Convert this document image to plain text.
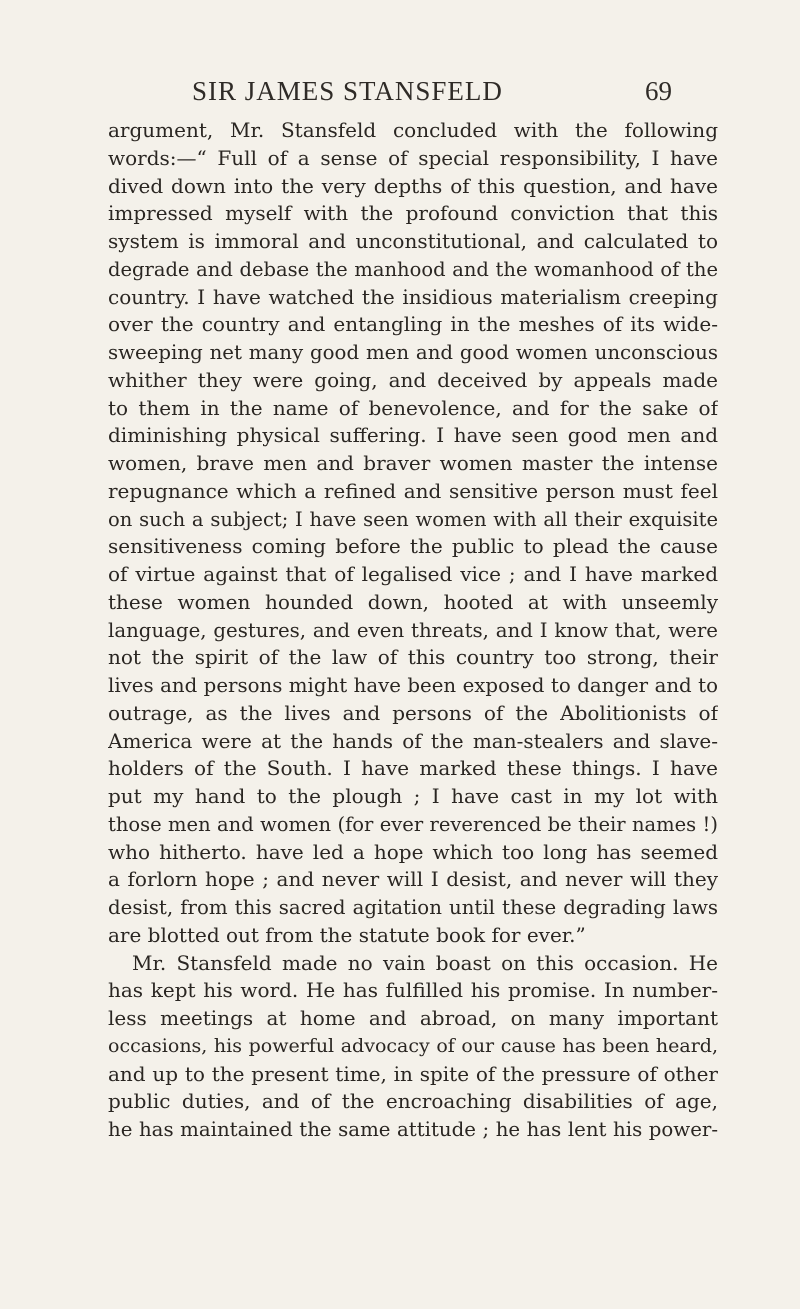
SIR JAMES STANSFELD	69
argument, Mr. Stansfeld concluded with the following
words:—“ Full of a sense of special responsibility, I have
dived down into the very depths of this question, and have
impressed myself with the profound conviction that this
system is immoral and unconstitutional, and calculated to
degrade and debase the manhood and the womanhood of the
country. I have watched the insidious materialism creeping
over the country and entangling in the meshes of its wide-
sweeping net many good men and good women unconscious
whither they were going, and deceived by appeals made
to them in the name of benevolence, and for the sake of
diminishing physical suffering. I have seen good men and
women, brave men and braver women master the intense
repugnance which a refined and sensitive person must feel
on such a subject; I have seen women with all their exquisite
sensitiveness coming before the public to plead the cause
of virtue against that of legalised vice ; and I have marked
these women hounded down, hooted at with unseemly
language, gestures, and even threats, and I know that, were
not the spirit of the law of this country too strong, their
lives and persons might have been exposed to danger and to
outrage, as the lives and persons of the Abolitionists of
America were at the hands of the man-stealers and slave-
holders of the South. I have marked these things. I have
put my hand to the plough ; I have cast in my lot with
those men and women (for ever reverenced be their names !)
who hitherto. have led a hope which too long has seemed
a forlorn hope ; and never will I desist, and never will they
desist, from this sacred agitation until these degrading laws
are blotted out from the statute book for ever.”
Mr. Stansfeld made no vain boast on this occasion. He
has kept his word. He has fulfilled his promise. In number-
less meetings at home and abroad, on many important
occasions, his powerful advocacy of our cause has been heard,
and up to the present time, in spite of the pressure of other
public duties, and of the encroaching disabilities of age,
he has maintained the same attitude ; he has lent his power-
